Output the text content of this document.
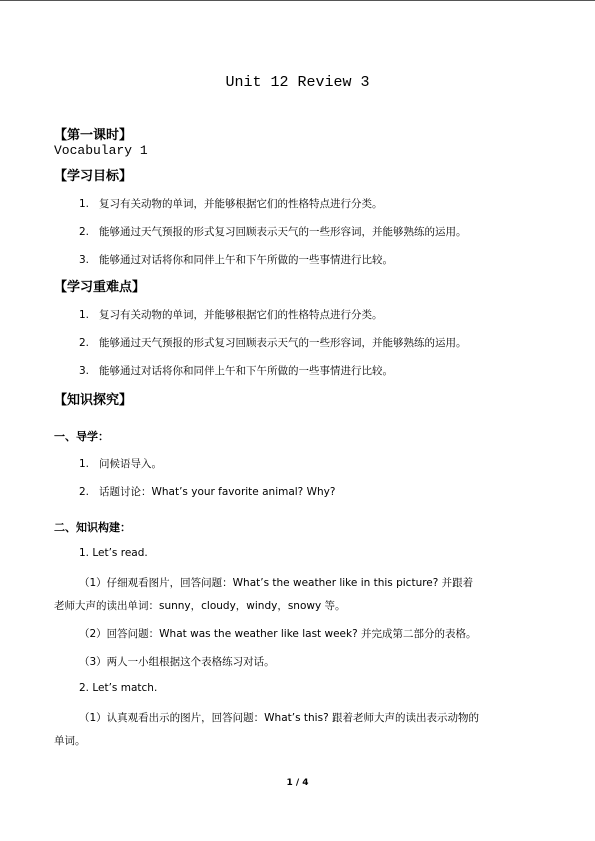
Unit 12 Review 3
【第一课时】
Vocabulary 1
【学习目标】
1. 复习有关动物的单词，并能够根据它们的性格特点进行分类。
2. 能够通过天气预报的形式复习回顾表示天气的一些形容词，并能够熟练的运用。
3. 能够通过对话将你和同伴上午和下午所做的一些事情进行比较。
【学习重难点】
1. 复习有关动物的单词，并能够根据它们的性格特点进行分类。
2. 能够通过天气预报的形式复习回顾表示天气的一些形容词，并能够熟练的运用。
3. 能够通过对话将你和同伴上午和下午所做的一些事情进行比较。
【知识探究】
一、导学：
1. 问候语导入。
2. 话题讨论：What’s your favorite animal? Why?
二、知识构建：
1. Let’s read.
（1）仔细观看图片，回答问题：What’s the weather like in this picture? 并跟着
老师大声的读出单词：sunny，cloudy，windy，snowy 等。
（2）回答问题：What was the weather like last week? 并完成第二部分的表格。
（3）两人一小组根据这个表格练习对话。
2. Let’s match.
（1）认真观看出示的图片，回答问题：What’s this? 跟着老师大声的读出表示动物的
单词。
1 / 4
